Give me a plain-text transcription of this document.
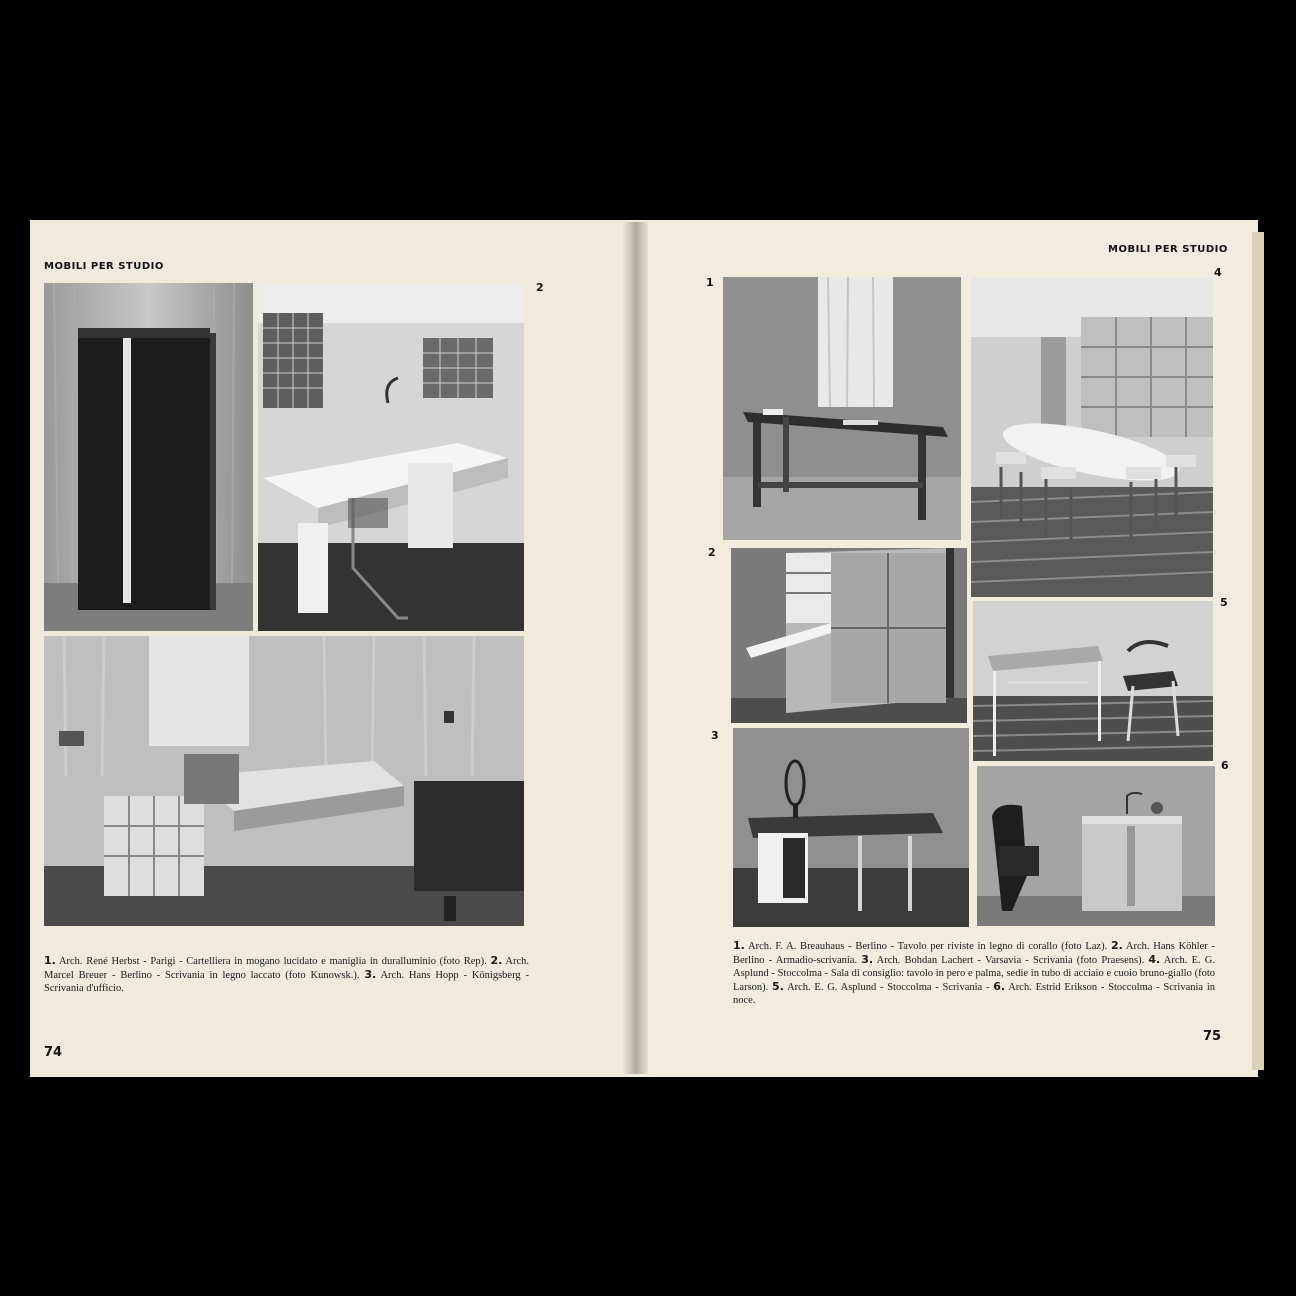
MOBILI PER STUDIO
2
1. Arch. René Herbst - Parigi - Cartelliera in mogano lucidato e maniglia in duralluminio (foto Rep). 2. Arch. Marcel Breuer - Berlino - Scrivania in legno laccato (foto Kunowsk.). 3. Arch. Hans Hopp - Königsberg - Scrivania d'ufficio.
74
MOBILI PER STUDIO
1
2
3
4
5
6
1. Arch. F. A. Breauhaus - Berlino - Tavolo per riviste in legno di corallo (foto Laz). 2. Arch. Hans Köhler - Berlino - Armadio-scrivania. 3. Arch. Bohdan Lachert - Varsavia - Scrivania (foto Praesens). 4. Arch. E. G. Asplund - Stoccolma - Sala di consiglio: tavolo in pero e palma, sedie in tubo di acciaio e cuoio bruno-giallo (foto Larson). 5. Arch. E. G. Asplund - Stoccolma - Scrivania - 6. Arch. Estrid Erikson - Stoccolma - Scrivania in noce.
75
